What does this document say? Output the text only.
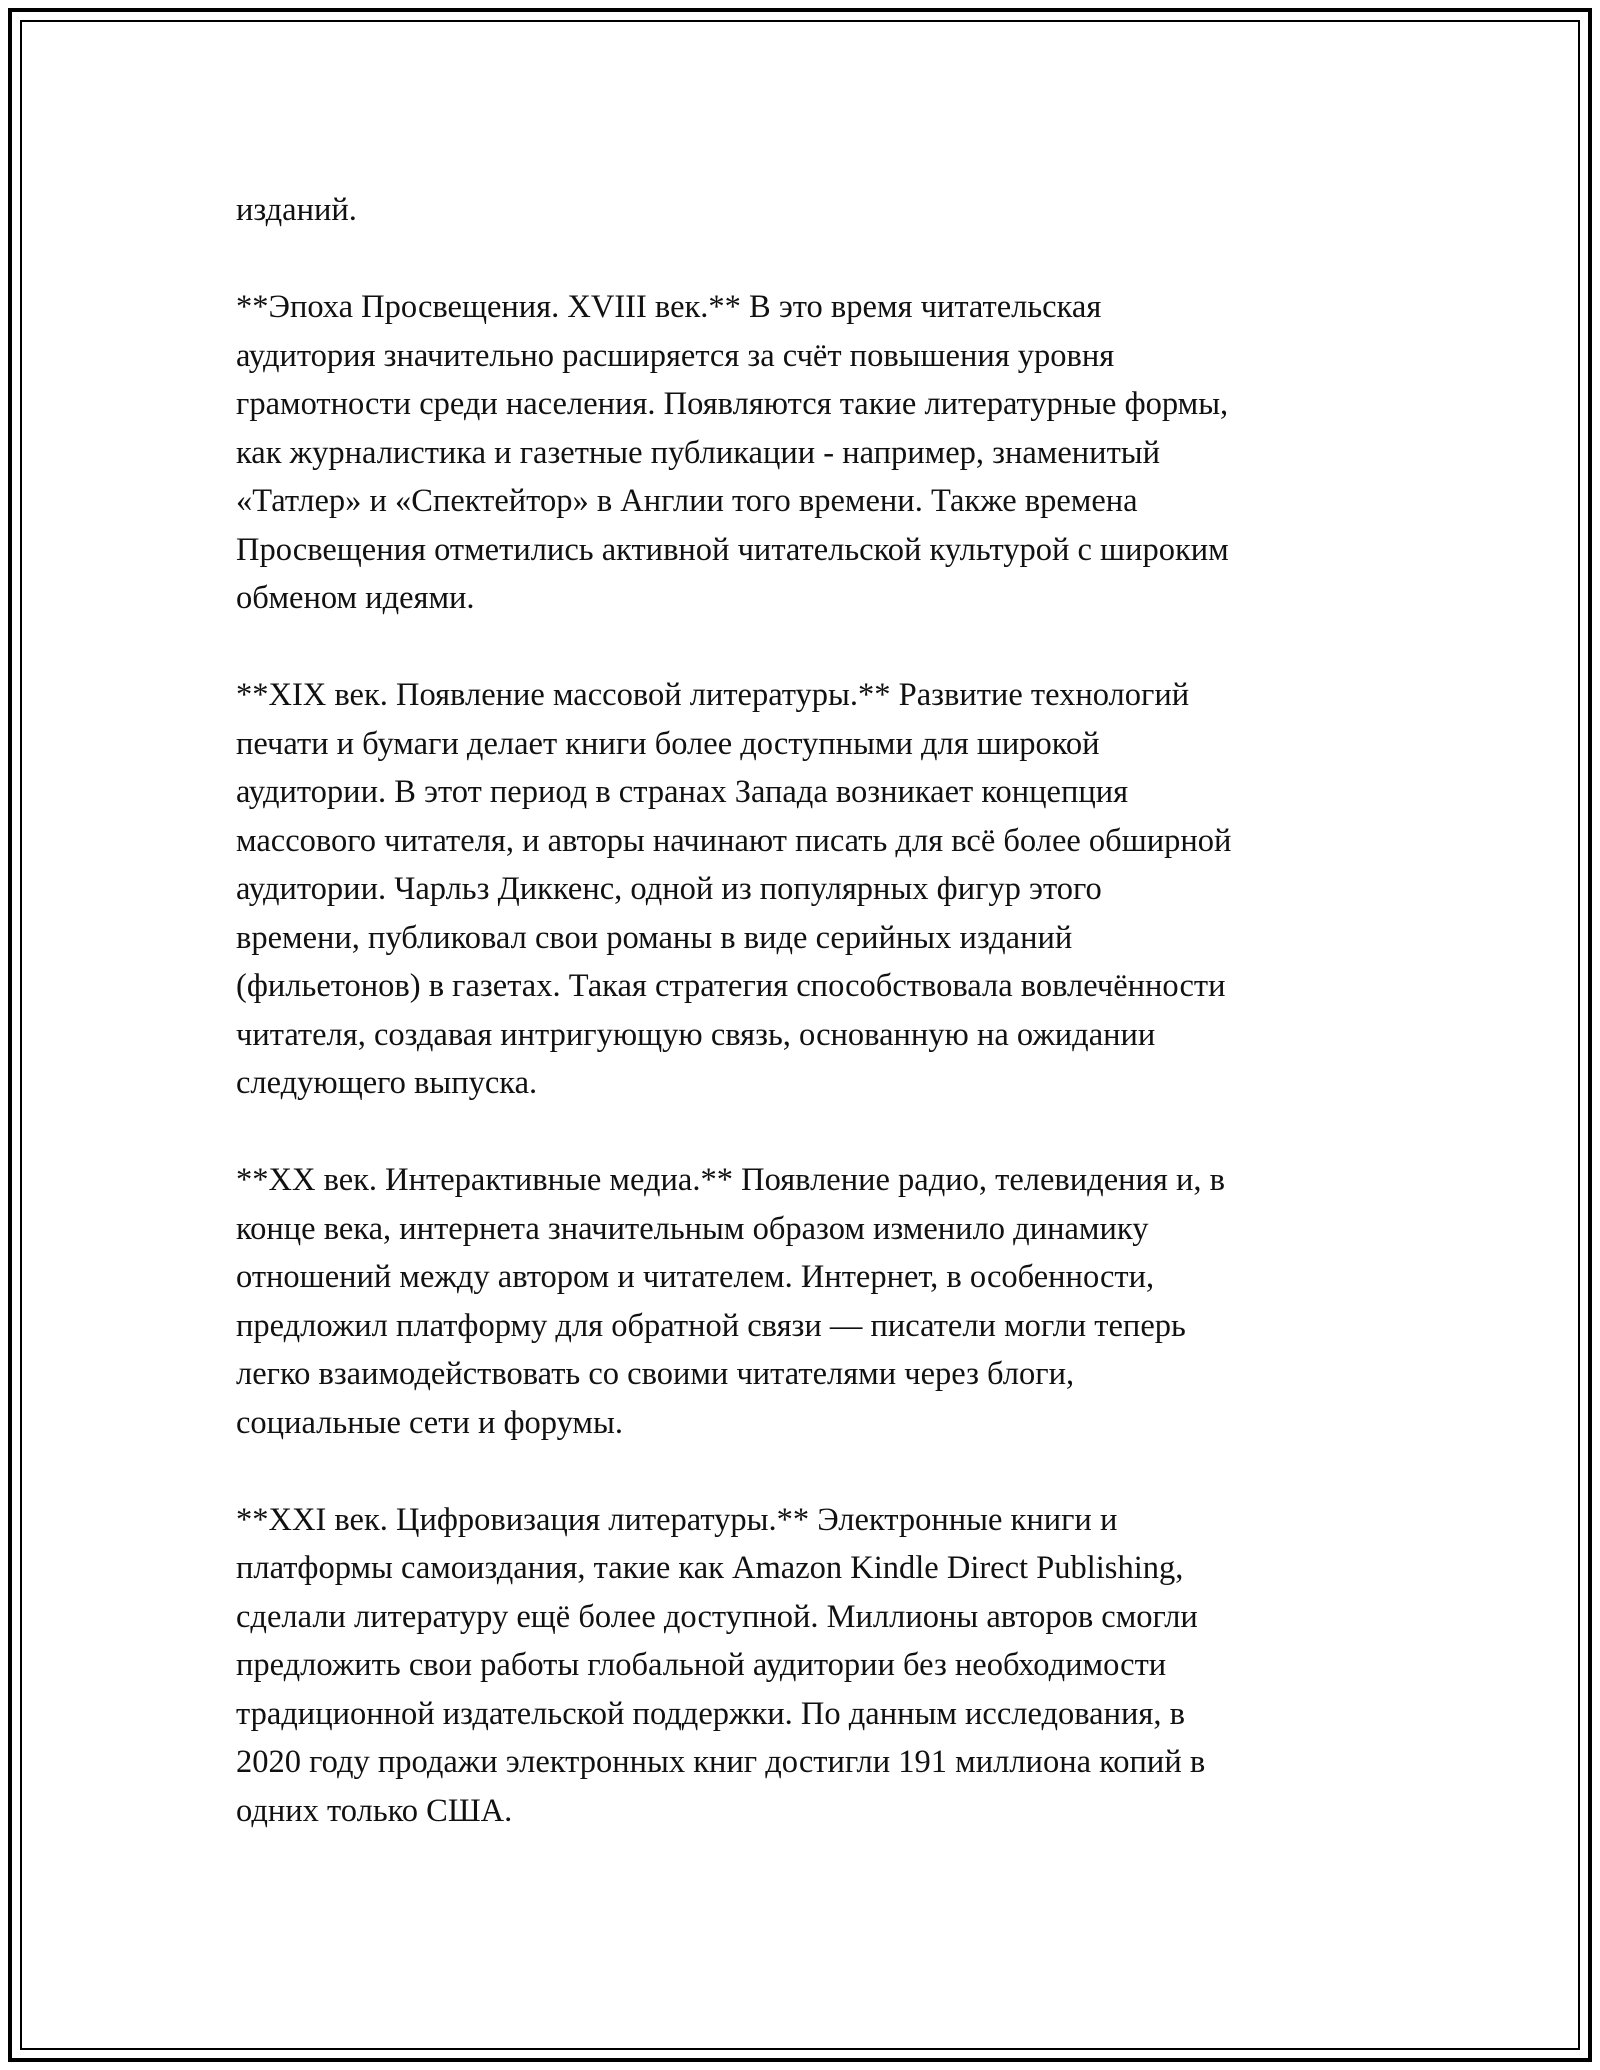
изданий.

**Эпоха Просвещения. XVIII век.** В это время читательская
аудитория значительно расширяется за счёт повышения уровня
грамотности среди населения. Появляются такие литературные формы,
как журналистика и газетные публикации - например, знаменитый
«Татлер» и «Спектейтор» в Англии того времени. Также времена
Просвещения отметились активной читательской культурой с широким
обменом идеями.

**XIX век. Появление массовой литературы.** Развитие технологий
печати и бумаги делает книги более доступными для широкой
аудитории. В этот период в странах Запада возникает концепция
массового читателя, и авторы начинают писать для всё более обширной
аудитории. Чарльз Диккенс, одной из популярных фигур этого
времени, публиковал свои романы в виде серийных изданий
(фильетонов) в газетах. Такая стратегия способствовала вовлечённости
читателя, создавая интригующую связь, основанную на ожидании
следующего выпуска.

**XX век. Интерактивные медиа.** Появление радио, телевидения и, в
конце века, интернета значительным образом изменило динамику
отношений между автором и читателем. Интернет, в особенности,
предложил платформу для обратной связи — писатели могли теперь
легко взаимодействовать со своими читателями через блоги,
социальные сети и форумы.

**XXI век. Цифровизация литературы.** Электронные книги и
платформы самоиздания, такие как Amazon Kindle Direct Publishing,
сделали литературу ещё более доступной. Миллионы авторов смогли
предложить свои работы глобальной аудитории без необходимости
традиционной издательской поддержки. По данным исследования, в
2020 году продажи электронных книг достигли 191 миллиона копий в
одних только США.
